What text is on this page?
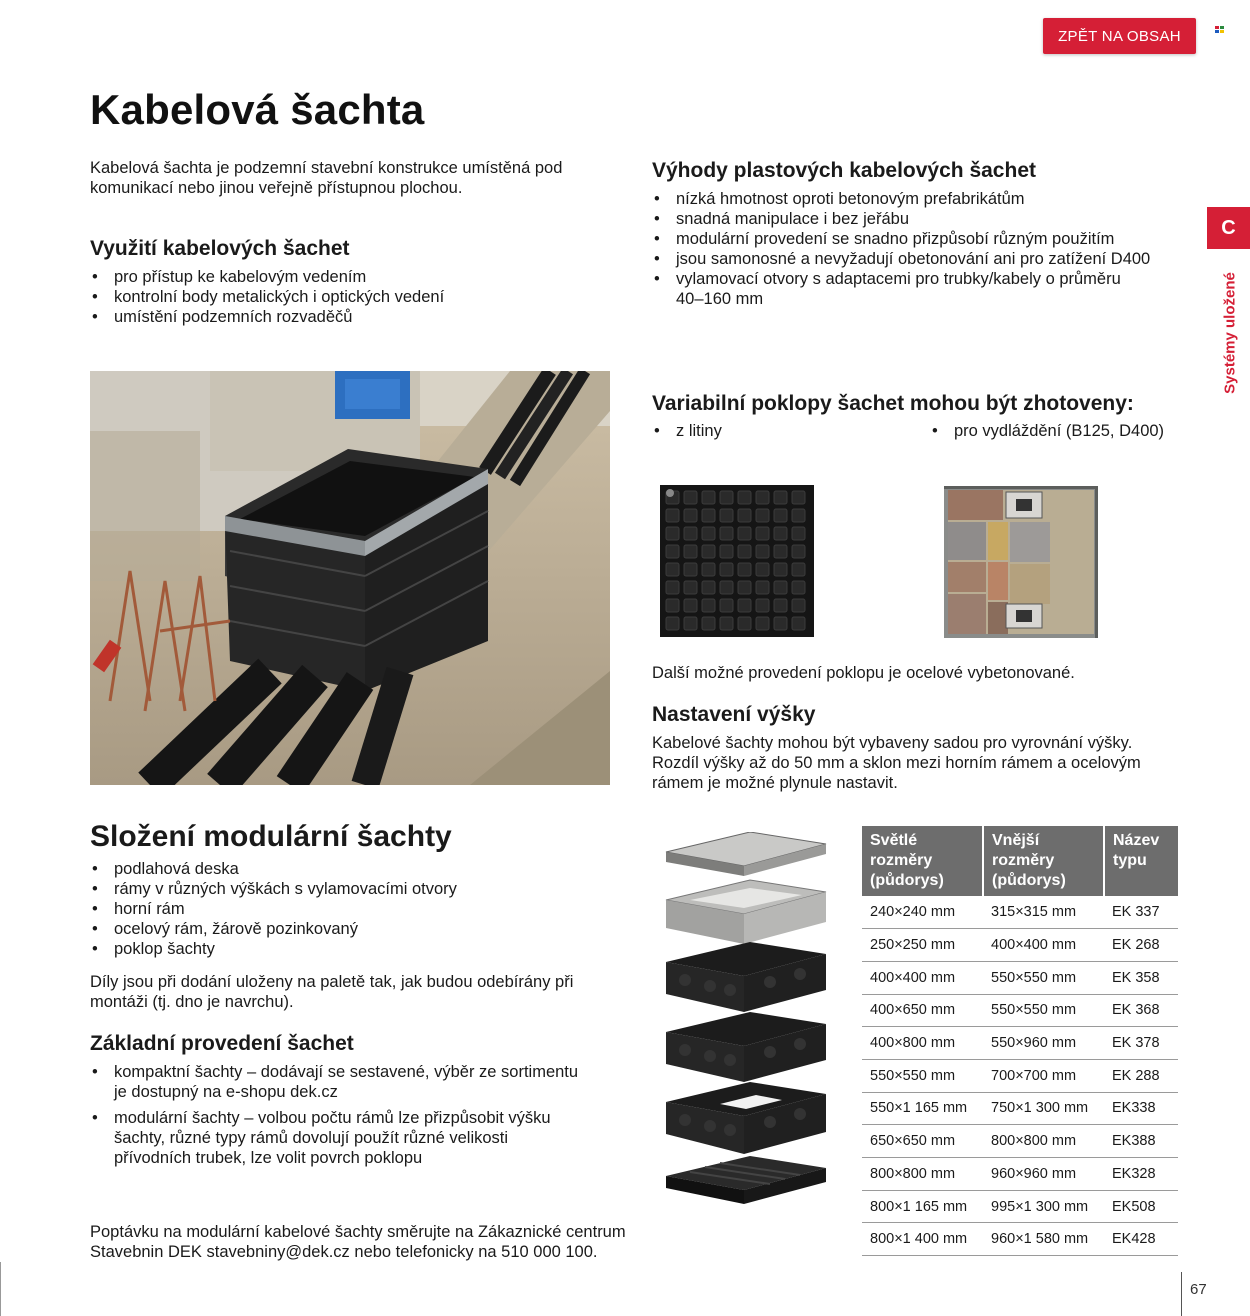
ZPĚT NA OBSAH
Kabelová šachta
C
Systémy uložené

Kabelová šachta je podzemní stavební konstrukce umístěná pod komunikací nebo jinou veřejně přístupnou plochou.

Využití kabelových šachet
• pro přístup ke kabelovým vedením
• kontrolní body metalických i optických vedení
• umístění podzemních rozvaděčů
Výhody plastových kabelových šachet
• nízká hmotnost oproti betonovým prefabrikátům
• snadná manipulace i bez jeřábu
• modulární provedení se snadno přizpůsobí různým použitím
• jsou samonosné a nevyžadují obetonování ani pro zatížení D400
• vylamovací otvory s adaptacemi pro trubky/kabely o průměru 40–160 mm
Variabilní poklopy šachet mohou být zhotoveny:
• z litiny	• pro vydláždění (B125, D400)

Další možné provedení poklopu je ocelové vybetonované.

Nastavení výšky

Kabelové šachty mohou být vybaveny sadou pro vyrovnání výšky. Rozdíl výšky až do 50 mm a sklon mezi horním rámem a ocelovým rámem je možné plynule nastavit.

Složení modulární šachty
• podlahová deska
• rámy v různých výškách s vylamovacími otvory
• horní rám
• ocelový rám, žárově pozinkovaný
• poklop šachty

Díly jsou při dodání uloženy na paletě tak, jak budou odebírány při montáži (tj. dno je navrchu).

Základní provedení šachet
• kompaktní šachty – dodávají se sestavené, výběr ze sortimentu je dostupný na e-shopu dek.cz
• modulární šachty – volbou počtu rámů lze přizpůsobit výšku šachty, různé typy rámů dovolují použít různé velikosti přívodních trubek, lze volit povrch poklopu

Poptávku na modulární kabelové šachty směrujte na Zákaznické centrum Stavebnin DEK stavebniny@dek.cz nebo telefonicky na 510 000 100.

Světlé rozměry (půdorys)	Vnější rozměry (půdorys)	Název typu
240×240 mm	315×315 mm	EK 337
250×250 mm	400×400 mm	EK 268
400×400 mm	550×550 mm	EK 358
400×650 mm	550×550 mm	EK 368
400×800 mm	550×960 mm	EK 378
550×550 mm	700×700 mm	EK 288
550×1 165 mm	750×1 300 mm	EK338
650×650 mm	800×800 mm	EK388
800×800 mm	960×960 mm	EK328
800×1 165 mm	995×1 300 mm	EK508
800×1 400 mm	960×1 580 mm	EK428
67
